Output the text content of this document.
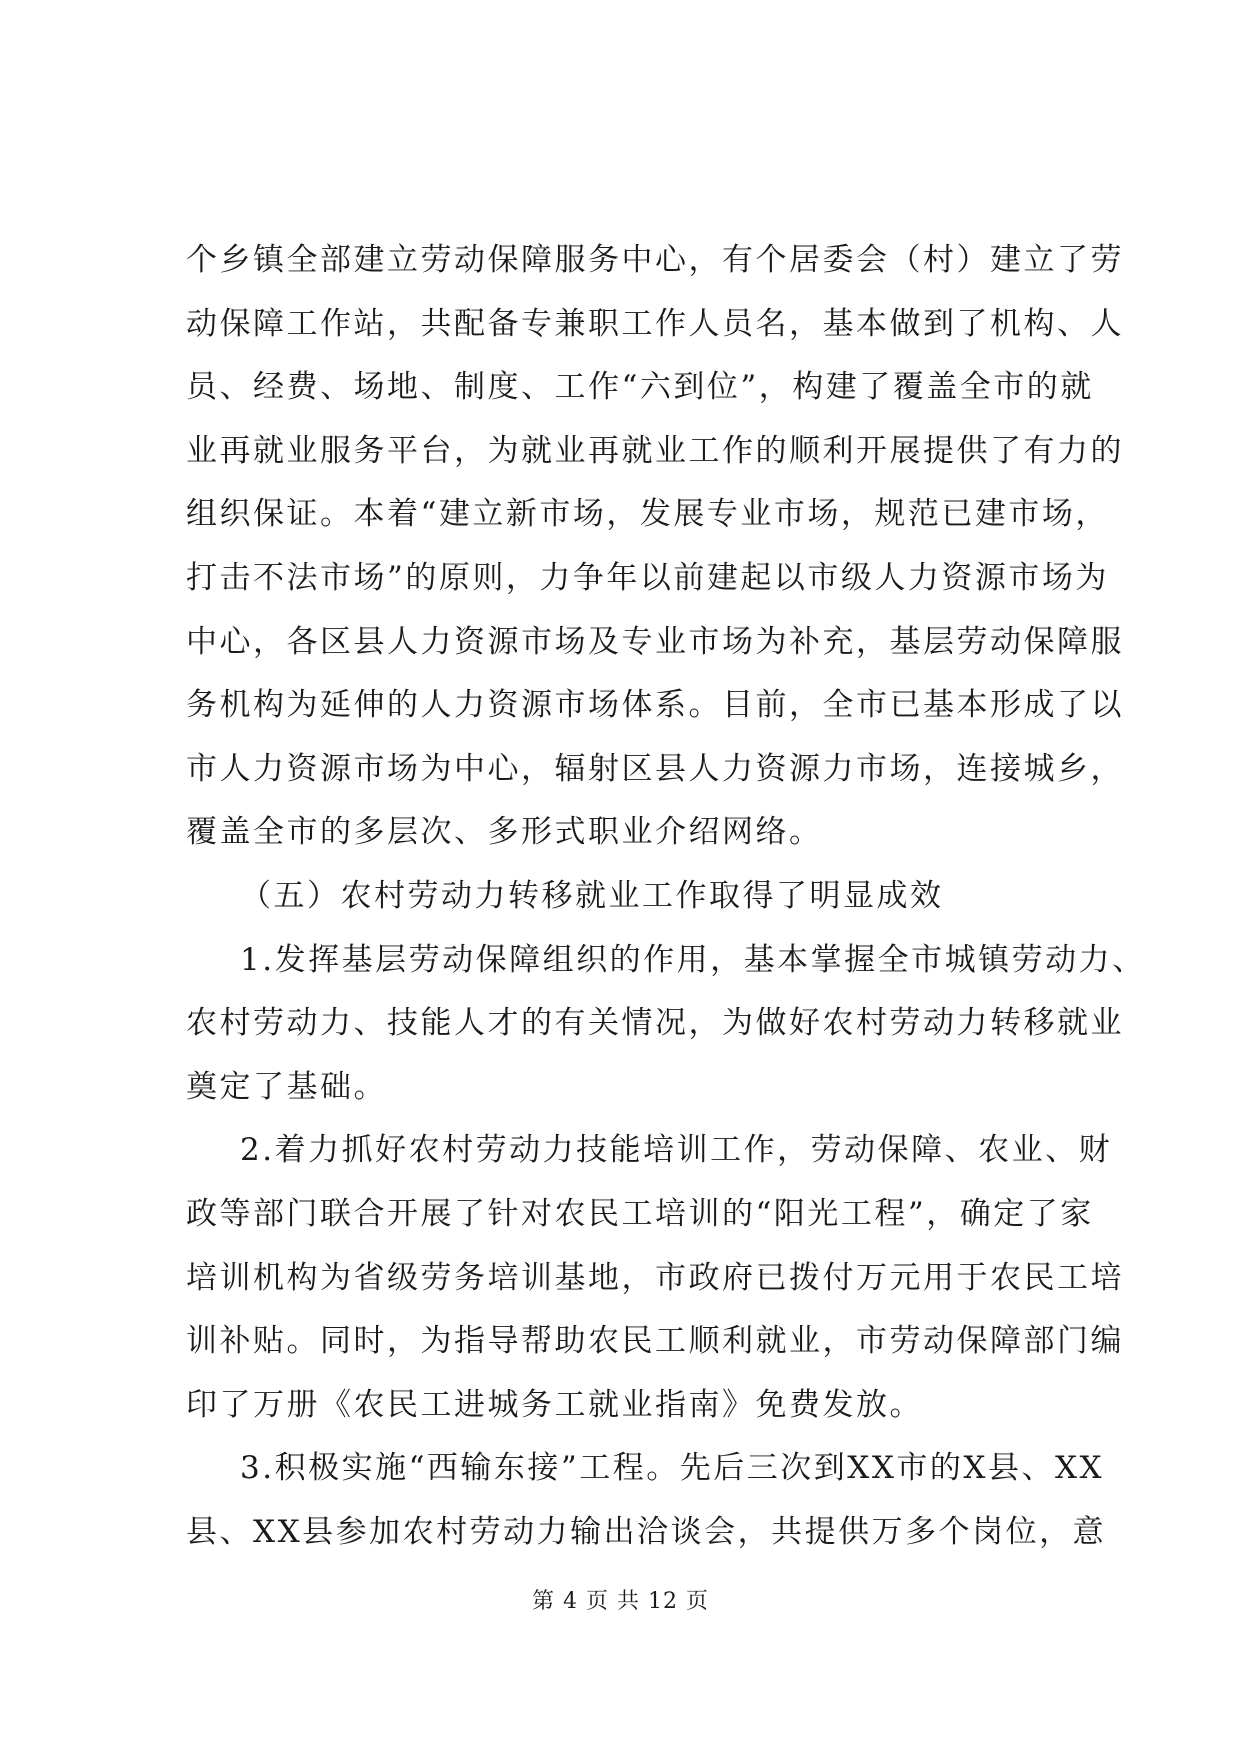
个乡镇全部建立劳动保障服务中心，有个居委会（村）建立了劳
动保障工作站，共配备专兼职工作人员名，基本做到了机构、人
员、经费、场地、制度、工作“六到位”，构建了覆盖全市的就
业再就业服务平台，为就业再就业工作的顺利开展提供了有力的
组织保证。本着“建立新市场，发展专业市场，规范已建市场，
打击不法市场”的原则，力争年以前建起以市级人力资源市场为
中心，各区县人力资源市场及专业市场为补充，基层劳动保障服
务机构为延伸的人力资源市场体系。目前，全市已基本形成了以
市人力资源市场为中心，辐射区县人力资源力市场，连接城乡，
覆盖全市的多层次、多形式职业介绍网络。
（五）农村劳动力转移就业工作取得了明显成效
1.发挥基层劳动保障组织的作用，基本掌握全市城镇劳动力、
农村劳动力、技能人才的有关情况，为做好农村劳动力转移就业
奠定了基础。
2.着力抓好农村劳动力技能培训工作，劳动保障、农业、财
政等部门联合开展了针对农民工培训的“阳光工程”，确定了家
培训机构为省级劳务培训基地，市政府已拨付万元用于农民工培
训补贴。同时，为指导帮助农民工顺利就业，市劳动保障部门编
印了万册《农民工进城务工就业指南》免费发放。
3.积极实施“西输东接”工程。先后三次到XX市的X县、XX
县、XX县参加农村劳动力输出洽谈会，共提供万多个岗位，意
第 4 页 共 12 页
